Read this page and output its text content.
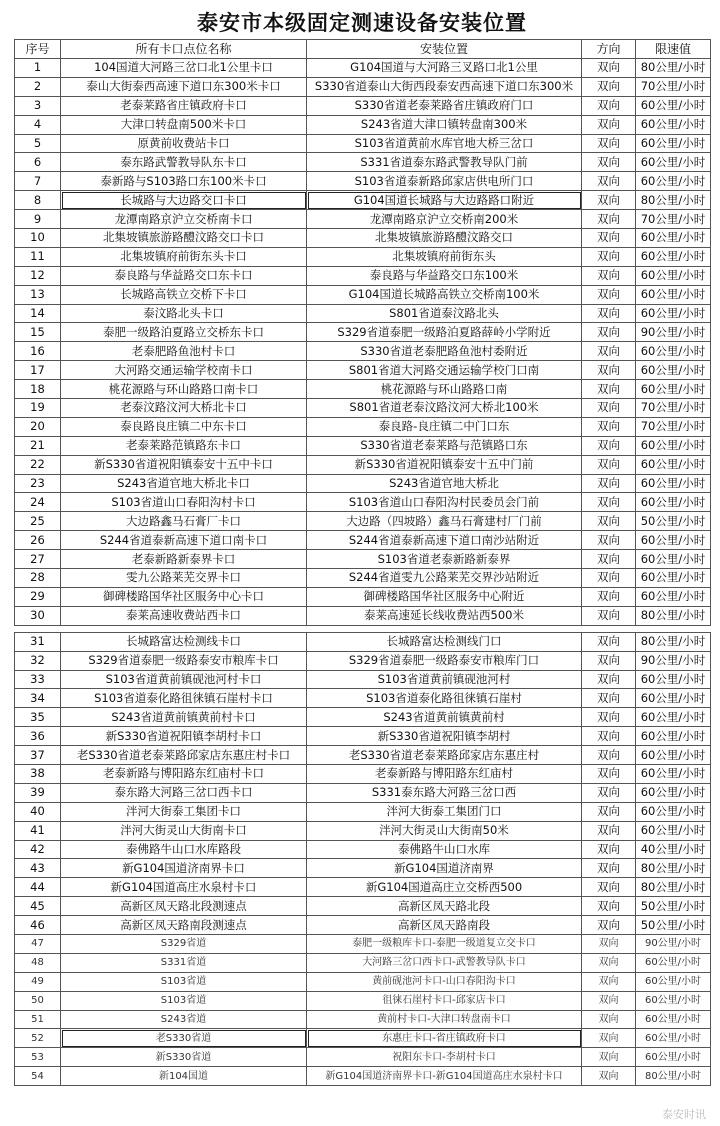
泰安市本级固定测速设备安装位置
序号	所有卡口点位名称	安装位置	方向	限速值
1	104国道大河路三岔口北1公里卡口	G104国道与大河路三叉路口北1公里	双向	80公里/小时
2	泰山大街泰西高速下道口东300米卡口	S330省道泰山大街西段泰安西高速下道口东300米	双向	70公里/小时
3	老泰莱路省庄镇政府卡口	S330省道老泰莱路省庄镇政府门口	双向	60公里/小时
4	大津口转盘南500米卡口	S243省道大津口镇转盘南300米	双向	60公里/小时
5	原黄前收费站卡口	S103省道黄前水库官地大桥三岔口	双向	60公里/小时
6	泰东路武警教导队东卡口	S331省道泰东路武警教导队门前	双向	60公里/小时
7	泰新路与S103路口东100米卡口	S103省道泰新路邱家店供电所门口	双向	60公里/小时
8	长城路与大边路交口卡口	G104国道长城路与大边路路口附近	双向	80公里/小时
9	龙潭南路京沪立交桥南卡口	龙潭南路京沪立交桥南200米	双向	70公里/小时
10	北集坡镇旅游路醴汶路交口卡口	北集坡镇旅游路醴汶路交口	双向	60公里/小时
11	北集坡镇府前街东头卡口	北集坡镇府前街东头	双向	60公里/小时
12	泰良路与华益路交口东卡口	泰良路与华益路交口东100米	双向	60公里/小时
13	长城路高铁立交桥下卡口	G104国道长城路高铁立交桥南100米	双向	60公里/小时
14	泰汶路北头卡口	S801省道泰汶路北头	双向	60公里/小时
15	泰肥一级路泊夏路立交桥东卡口	S329省道泰肥一级路泊夏路薛岭小学附近	双向	90公里/小时
16	老泰肥路鱼池村卡口	S330省道老泰肥路鱼池村委附近	双向	60公里/小时
17	大河路交通运输学校南卡口	S801省道大河路交通运输学校门口南	双向	60公里/小时
18	桃花源路与环山路路口南卡口	桃花源路与环山路路口南	双向	60公里/小时
19	老泰汶路汶河大桥北卡口	S801省道老泰汶路汶河大桥北100米	双向	70公里/小时
20	泰良路良庄镇二中东卡口	泰良路-良庄镇二中门口东	双向	70公里/小时
21	老泰莱路范镇路东卡口	S330省道老泰莱路与范镇路口东	双向	60公里/小时
22	新S330省道祝阳镇泰安十五中卡口	新S330省道祝阳镇泰安十五中门前	双向	60公里/小时
23	S243省道官地大桥北卡口	S243省道官地大桥北	双向	60公里/小时
24	S103省道山口春阳沟村卡口	S103省道山口春阳沟村民委员会门前	双向	60公里/小时
25	大边路鑫马石膏厂卡口	大边路（四坡路）鑫马石膏建村厂门前	双向	50公里/小时
26	S244省道泰新高速下道口南卡口	S244省道泰新高速下道口南沙站附近	双向	60公里/小时
27	老泰新路新泰界卡口	S103省道老泰新路新泰界	双向	60公里/小时
28	雯九公路莱芜交界卡口	S244省道雯九公路莱芜交界沙站附近	双向	60公里/小时
29	御碑楼路国华社区服务中心卡口	御碑楼路国华社区服务中心附近	双向	60公里/小时
30	泰莱高速收费站西卡口	泰莱高速延长线收费站西500米	双向	80公里/小时

31	长城路富达检测线卡口	长城路富达检测线门口	双向	80公里/小时
32	S329省道泰肥一级路泰安市粮库卡口	S329省道泰肥一级路泰安市粮库门口	双向	90公里/小时
33	S103省道黄前镇砚池河村卡口	S103省道黄前镇砚池河村	双向	60公里/小时
34	S103省道泰化路徂徕镇石崖村卡口	S103省道泰化路徂徕镇石崖村	双向	60公里/小时
35	S243省道黄前镇黄前村卡口	S243省道黄前镇黄前村	双向	60公里/小时
36	新S330省道祝阳镇李胡村卡口	新S330省道祝阳镇李胡村	双向	60公里/小时
37	老S330省道老泰莱路邱家店东惠庄村卡口	老S330省道老泰莱路邱家店东惠庄村	双向	60公里/小时
38	老泰新路与博阳路东红庙村卡口	老泰新路与博阳路东红庙村	双向	60公里/小时
39	泰东路大河路三岔口西卡口	S331泰东路大河路三岔口西	双向	60公里/小时
40	泮河大街泰工集团卡口	泮河大街泰工集团门口	双向	60公里/小时
41	泮河大街灵山大街南卡口	泮河大街灵山大街南50米	双向	60公里/小时
42	泰佛路牛山口水库路段	泰佛路牛山口水库	双向	40公里/小时
43	新G104国道济南界卡口	新G104国道济南界	双向	80公里/小时
44	新G104国道高庄水泉村卡口	新G104国道高庄立交桥西500	双向	80公里/小时
45	高新区凤天路北段测速点	高新区凤天路北段	双向	50公里/小时
46	高新区凤天路南段测速点	高新区凤天路南段	双向	50公里/小时
47	S329省道	泰肥一级粮库卡口-泰肥一级道复立交卡口	双向	90公里/小时
48	S331省道	大河路三岔口西卡口-武警教导队卡口	双向	60公里/小时
49	S103省道	黄前砚池河卡口-山口春阳沟卡口	双向	60公里/小时
50	S103省道	徂徕石崖村卡口-邱家店卡口	双向	60公里/小时
51	S243省道	黄前村卡口-大津口转盘南卡口	双向	60公里/小时
52	老S330省道	东惠庄卡口-省庄镇政府卡口	双向	60公里/小时
53	新S330省道	祝阳东卡口-李胡村卡口	双向	60公里/小时
54	新104国道	新G104国道济南界卡口-新G104国道高庄水泉村卡口	双向	80公里/小时
泰安时讯
